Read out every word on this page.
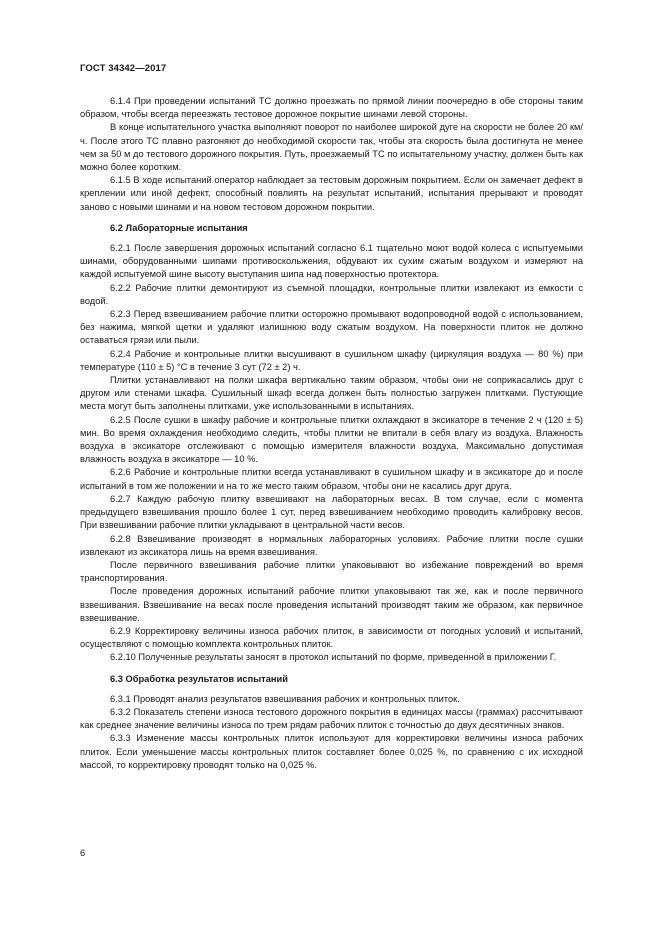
ГОСТ 34342—2017

6.1.4 При проведении испытаний ТС должно проезжать по прямой линии поочередно в обе стороны таким образом, чтобы всегда переезжать тестовое дорожное покрытие шинами левой стороны.

В конце испытательного участка выполняют поворот по наиболее широкой дуге на скорости не более 20 км/ч. После этого ТС плавно разгоняют до необходимой скорости так, чтобы эта скорость была достигнута не менее чем за 50 м до тестового дорожного покрытия. Путь, проезжаемый ТС по испытательному участку, должен быть как можно более коротким.

6.1.5 В ходе испытаний оператор наблюдает за тестовым дорожным покрытием. Если он замечает дефект в креплении или иной дефект, способный повлиять на результат испытаний, испытания прерывают и проводят заново с новыми шинами и на новом тестовом дорожном покрытии.

6.2 Лабораторные испытания

6.2.1 После завершения дорожных испытаний согласно 6.1 тщательно моют водой колеса с испытуемыми шинами, оборудованными шипами противоскольжения, обдувают их сухим сжатым воздухом и измеряют на каждой испытуемой шине высоту выступания шипа над поверхностью протектора.

6.2.2 Рабочие плитки демонтируют из съемной площадки, контрольные плитки извлекают из емкости с водой.

6.2.3 Перед взвешиванием рабочие плитки осторожно промывают водопроводной водой с использованием, без нажима, мягкой щетки и удаляют излишнюю воду сжатым воздухом. На поверхности плиток не должно оставаться грязи или пыли.

6.2.4 Рабочие и контрольные плитки высушивают в сушильном шкафу (циркуляция воздуха — 80 %) при температуре (110 ± 5) °С в течение 3 сут (72 ± 2) ч.

Плитки устанавливают на полки шкафа вертикально таким образом, чтобы они не соприкасались друг с другом или стенами шкафа. Сушильный шкаф всегда должен быть полностью загружен плитками. Пустующие места могут быть заполнены плитками, уже использованными в испытаниях.

6.2.5 После сушки в шкафу рабочие и контрольные плитки охлаждают в эксикаторе в течение 2 ч (120 ± 5) мин. Во время охлаждения необходимо следить, чтобы плитки не впитали в себя влагу из воздуха. Влажность воздуха в эксикаторе отслеживают с помощью измерителя влажности воздуха. Максимально допустимая влажность воздуха в эксикаторе — 10 %.

6.2.6 Рабочие и контрольные плитки всегда устанавливают в сушильном шкафу и в эксикаторе до и после испытаний в том же положении и на то же место таким образом, чтобы они не касались друг друга.

6.2.7 Каждую рабочую плитку взвешивают на лабораторных весах. В том случае, если с момента предыдущего взвешивания прошло более 1 сут, перед взвешиванием необходимо проводить калибровку весов. При взвешивании рабочие плитки укладывают в центральной части весов.

6.2.8 Взвешивание производят в нормальных лабораторных условиях. Рабочие плитки после сушки извлекают из эксикатора лишь на время взвешивания.

После первичного взвешивания рабочие плитки упаковывают во избежание повреждений во время транспортирования.

После проведения дорожных испытаний рабочие плитки упаковывают так же, как и после первичного взвешивания. Взвешивание на весах после проведения испытаний производят таким же образом, как первичное взвешивание.

6.2.9 Корректировку величины износа рабочих плиток, в зависимости от погодных условий и испытаний, осуществляют с помощью комплекта контрольных плиток.

6.2.10 Полученные результаты заносят в протокол испытаний по форме, приведенной в приложении Г.

6.3 Обработка результатов испытаний

6.3.1 Проводят анализ результатов взвешивания рабочих и контрольных плиток.

6.3.2 Показатель степени износа тестового дорожного покрытия в единицах массы (граммах) рассчитывают как среднее значение величины износа по трем рядам рабочих плиток с точностью до двух десятичных знаков.

6.3.3 Изменение массы контрольных плиток используют для корректировки величины износа рабочих плиток. Если уменьшение массы контрольных плиток составляет более 0,025 %, по сравнению с их исходной массой, то корректировку проводят только на 0,025 %.

6
